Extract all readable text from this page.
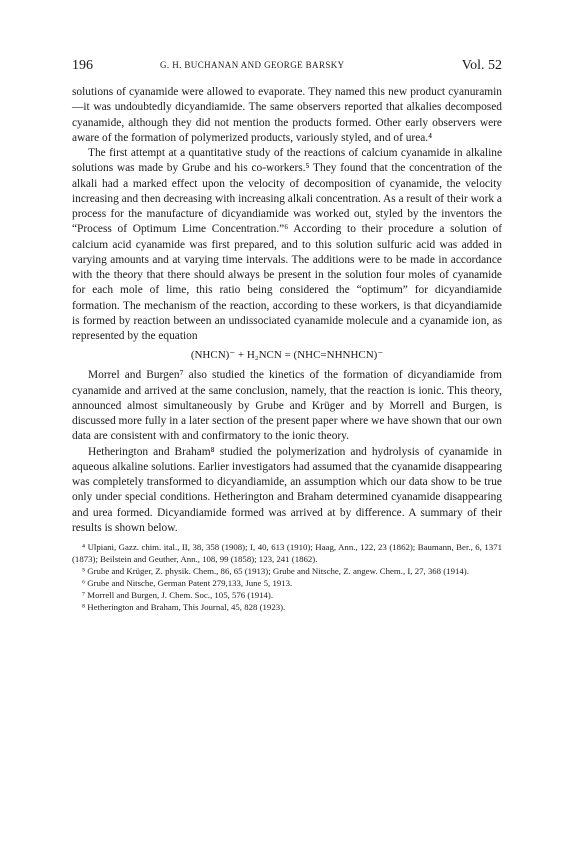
196	G. H. BUCHANAN AND GEORGE BARSKY	Vol. 52

solutions of cyanamide were allowed to evaporate. They named this new product cyanuramin—it was undoubtedly dicyandiamide. The same observers reported that alkalies decomposed cyanamide, although they did not mention the products formed. Other early observers were aware of the formation of polymerized products, variously styled, and of urea.⁴

The first attempt at a quantitative study of the reactions of calcium cyanamide in alkaline solutions was made by Grube and his co-workers.⁵ They found that the concentration of the alkali had a marked effect upon the velocity of decomposition of cyanamide, the velocity increasing and then decreasing with increasing alkali concentration. As a result of their work a process for the manufacture of dicyandiamide was worked out, styled by the inventors the “Process of Optimum Lime Concentration.”⁶ According to their procedure a solution of calcium acid cyanamide was first prepared, and to this solution sulfuric acid was added in varying amounts and at varying time intervals. The additions were to be made in accordance with the theory that there should always be present in the solution four moles of cyanamide for each mole of lime, this ratio being considered the “optimum” for dicyandiamide formation. The mechanism of the reaction, according to these workers, is that dicyandiamide is formed by reaction between an undissociated cyanamide molecule and a cyanamide ion, as represented by the equation

(NHCN)⁻ + H₂NCN = (NHC=NHNHCN)⁻

Morrel and Burgen⁷ also studied the kinetics of the formation of dicyandiamide from cyanamide and arrived at the same conclusion, namely, that the reaction is ionic. This theory, announced almost simultaneously by Grube and Krüger and by Morrell and Burgen, is discussed more fully in a later section of the present paper where we have shown that our own data are consistent with and confirmatory to the ionic theory.

Hetherington and Braham⁸ studied the polymerization and hydrolysis of cyanamide in aqueous alkaline solutions. Earlier investigators had assumed that the cyanamide disappearing was completely transformed to dicyandiamide, an assumption which our data show to be true only under special conditions. Hetherington and Braham determined cyanamide disappearing and urea formed. Dicyandiamide formed was arrived at by difference. A summary of their results is shown below.

⁴ Ulpiani, Gazz. chim. ital., II, 38, 358 (1908); I, 40, 613 (1910); Haag, Ann., 122, 23 (1862); Baumann, Ber., 6, 1371 (1873); Beilstein and Geuther, Ann., 108, 99 (1858); 123, 241 (1862).

⁵ Grube and Krüger, Z. physik. Chem., 86, 65 (1913); Grube and Nitsche, Z. angew. Chem., I, 27, 368 (1914).

⁶ Grube and Nitsche, German Patent 279,133, June 5, 1913.

⁷ Morrell and Burgen, J. Chem. Soc., 105, 576 (1914).

⁸ Hetherington and Braham, This Journal, 45, 828 (1923).
